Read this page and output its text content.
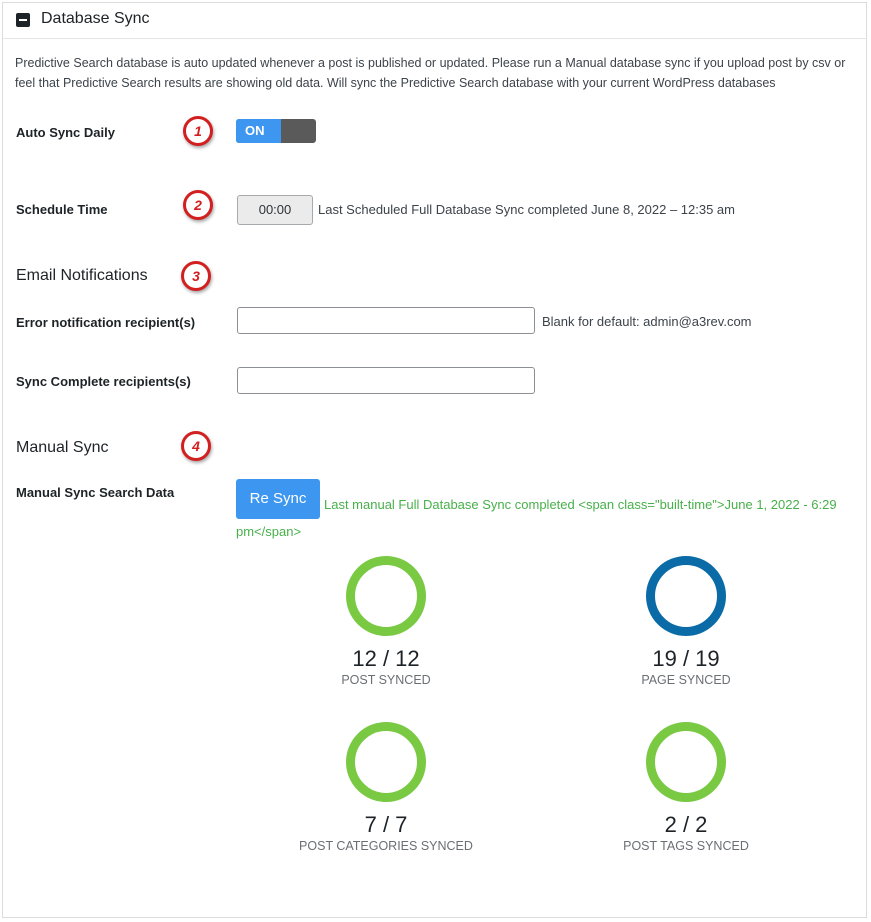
Database Sync
Predictive Search database is auto updated whenever a post is published or updated. Please run a Manual database sync if you upload post by csv or feel that Predictive Search results are showing old data. Will sync the Predictive Search database with your current WordPress databases
Auto Sync Daily	1	ON
Schedule Time	2	00:00	Last Scheduled Full Database Sync completed June 8, 2022 – 12:35 am
Email Notifications	3
Error notification recipient(s)	Blank for default: admin@a3rev.com
Sync Complete recipients(s)
Manual Sync	4
Manual Sync Search Data
Last manual Full Database Sync completed <span class="built-time">June 1, 2022 - 6:29 pm</span>
Re Sync
12 / 12
POST SYNCED
19 / 19
PAGE SYNCED
7 / 7
POST CATEGORIES SYNCED
2 / 2
POST TAGS SYNCED
